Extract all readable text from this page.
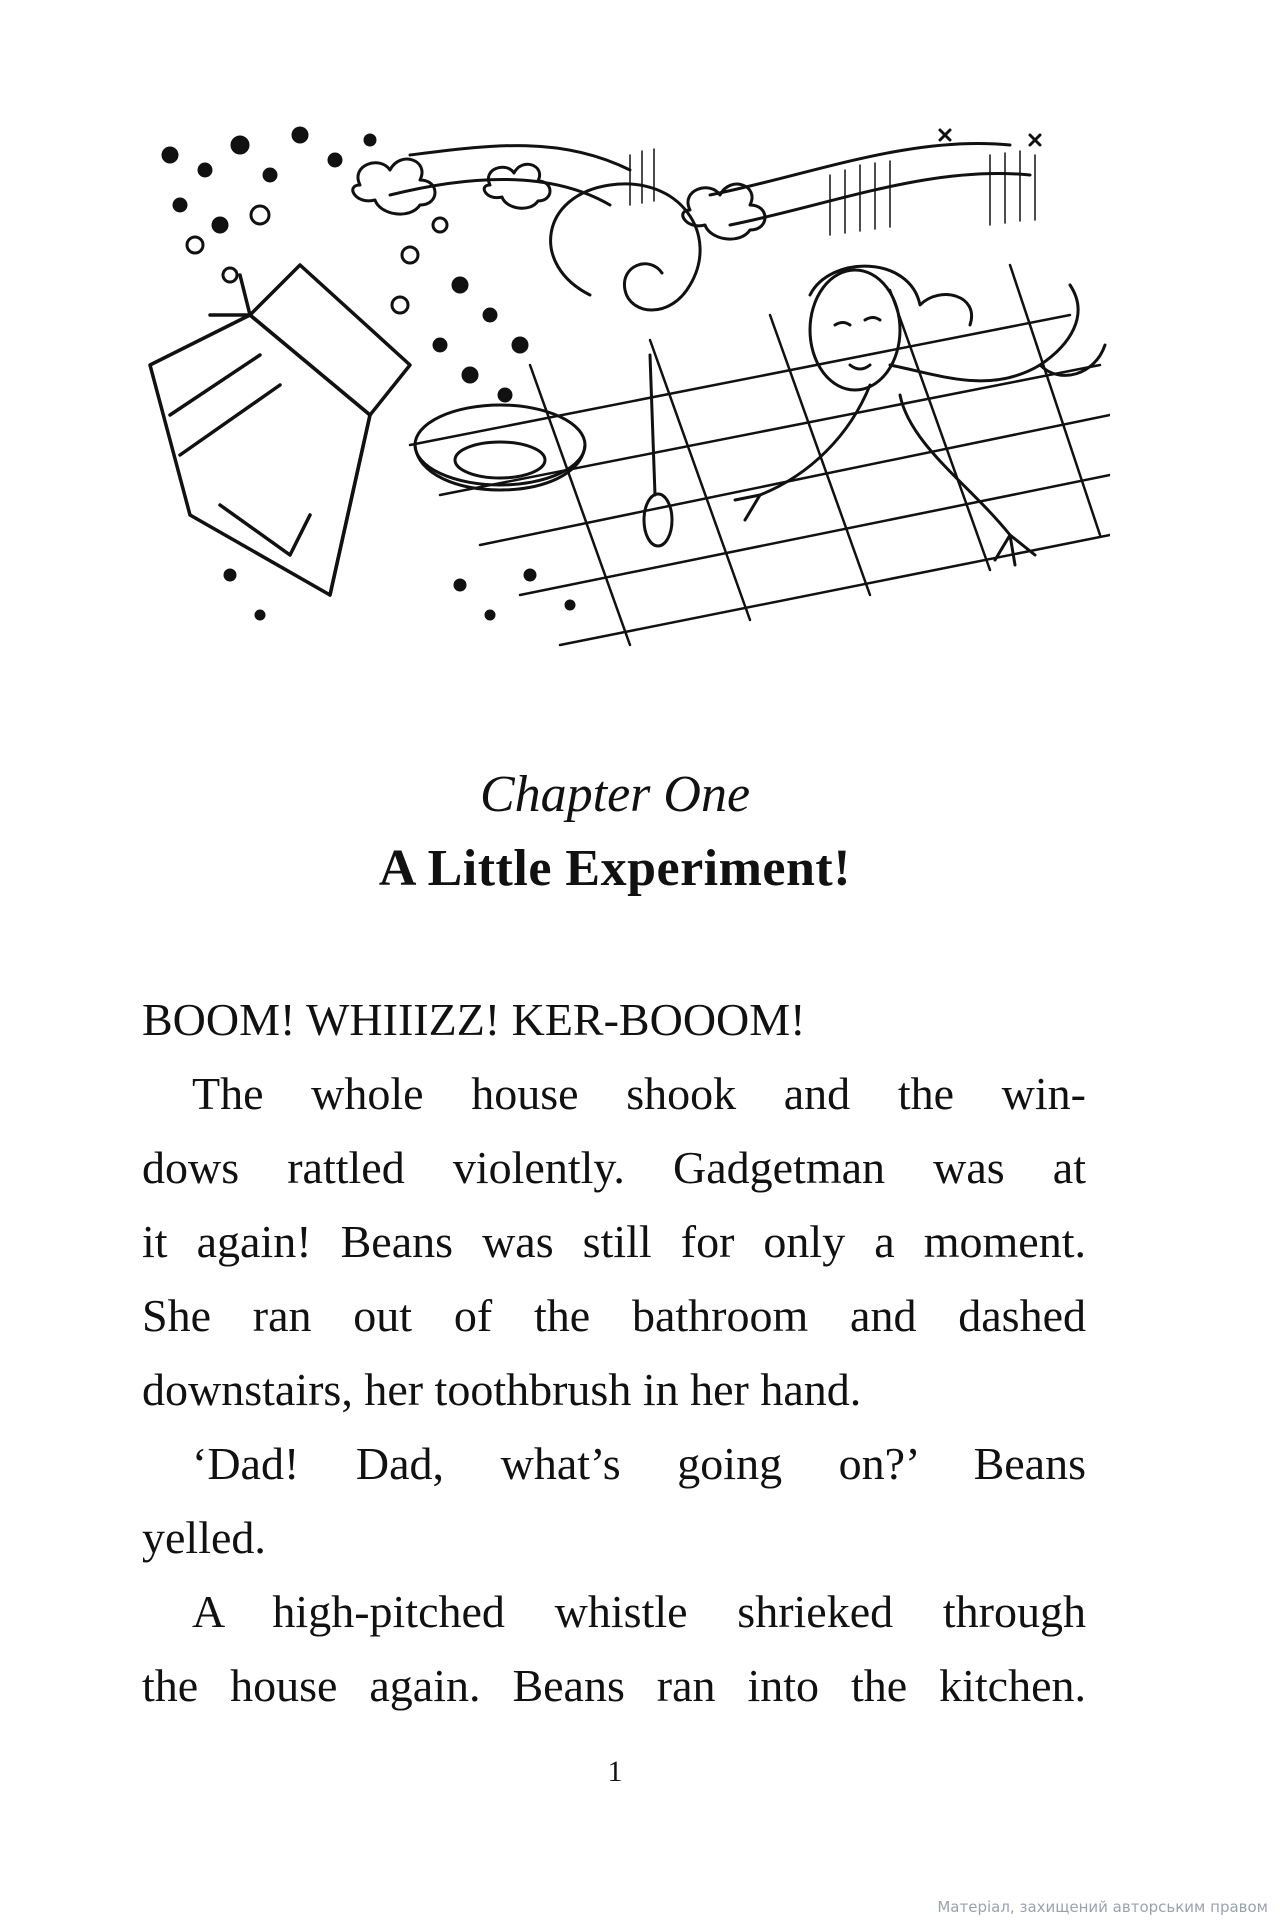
Chapter One
A Little Experiment!
BOOM! WHIIIZZ! KER-BOOOM!
The whole house shook and the win-
dows rattled violently. Gadgetman was at
it again! Beans was still for only a moment.
She ran out of the bathroom and dashed
downstairs, her toothbrush in her hand.
‘Dad! Dad, what’s going on?’ Beans
yelled.
A high-pitched whistle shrieked through
the house again. Beans ran into the kitchen.
1
Матеріал, захищений авторським правом
